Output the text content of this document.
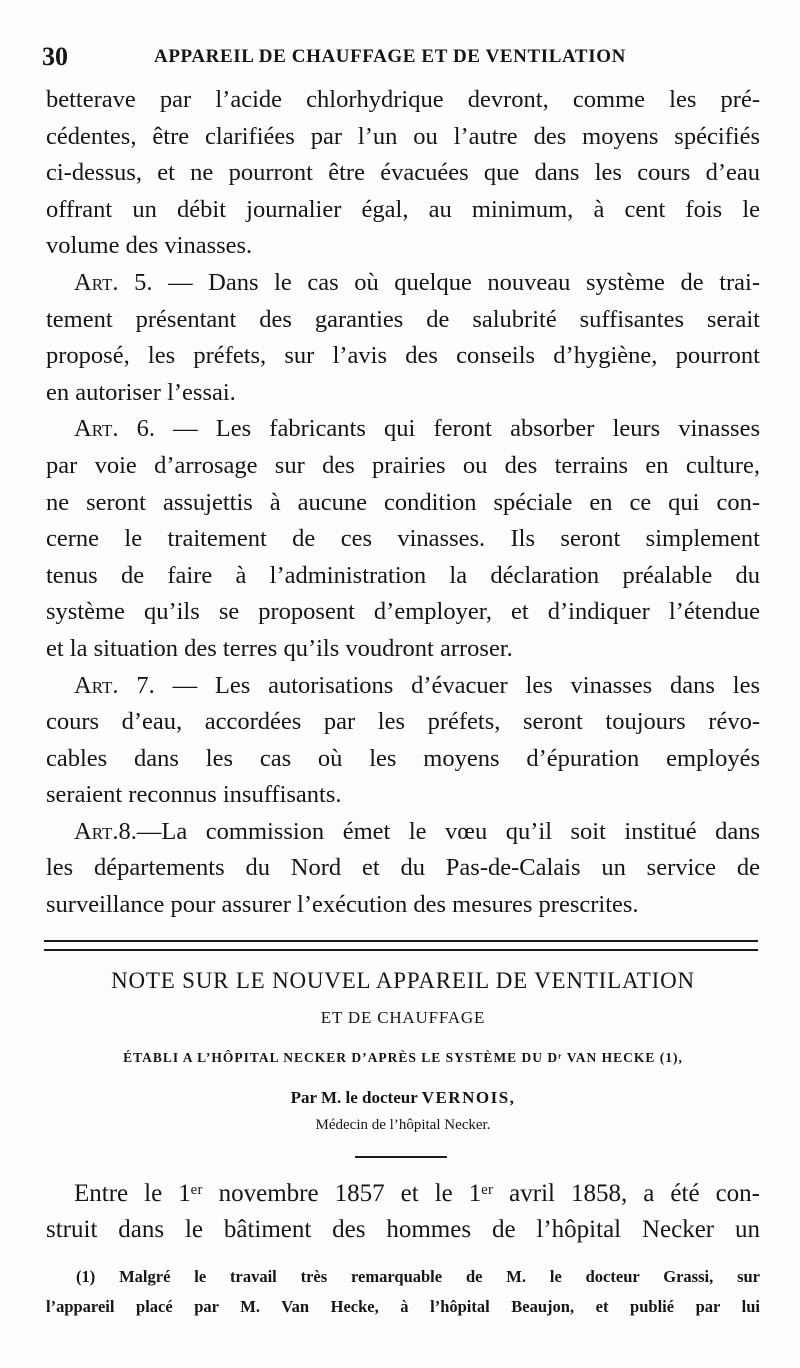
30	APPAREIL DE CHAUFFAGE ET DE VENTILATION
betterave par l’acide chlorhydrique devront, comme les pré-
cédentes, être clarifiées par l’un ou l’autre des moyens spécifiés
ci-dessus, et ne pourront être évacuées que dans les cours d’eau
offrant un débit journalier égal, au minimum, à cent fois le
volume des vinasses.
Art. 5. — Dans le cas où quelque nouveau système de trai-
tement présentant des garanties de salubrité suffisantes serait
proposé, les préfets, sur l’avis des conseils d’hygiène, pourront
en autoriser l’essai.
Art. 6. — Les fabricants qui feront absorber leurs vinasses
par voie d’arrosage sur des prairies ou des terrains en culture,
ne seront assujettis à aucune condition spéciale en ce qui con-
cerne le traitement de ces vinasses. Ils seront simplement
tenus de faire à l’administration la déclaration préalable du
système qu’ils se proposent d’employer, et d’indiquer l’étendue
et la situation des terres qu’ils voudront arroser.
Art. 7. — Les autorisations d’évacuer les vinasses dans les
cours d’eau, accordées par les préfets, seront toujours révo-
cables dans les cas où les moyens d’épuration employés
seraient reconnus insuffisants.
Art.8.—La commission émet le vœu qu’il soit institué dans
les départements du Nord et du Pas-de-Calais un service de
surveillance pour assurer l’exécution des mesures prescrites.
NOTE SUR LE NOUVEL APPAREIL DE VENTILATION
ET DE CHAUFFAGE
ÉTABLI A L’HÔPITAL NECKER D’APRÈS LE SYSTÈME DU Dʳ VAN HECKE (1),
Par M. le docteur VERNOIS,
Médecin de l’hôpital Necker.
Entre le 1ᵉʳ novembre 1857 et le 1ᵉʳ avril 1858, a été con-
struit dans le bâtiment des hommes de l’hôpital Necker un
(1) Malgré le travail très remarquable de M. le docteur Grassi, sur
l’appareil placé par M. Van Hecke, à l’hôpital Beaujon, et publié par lui
